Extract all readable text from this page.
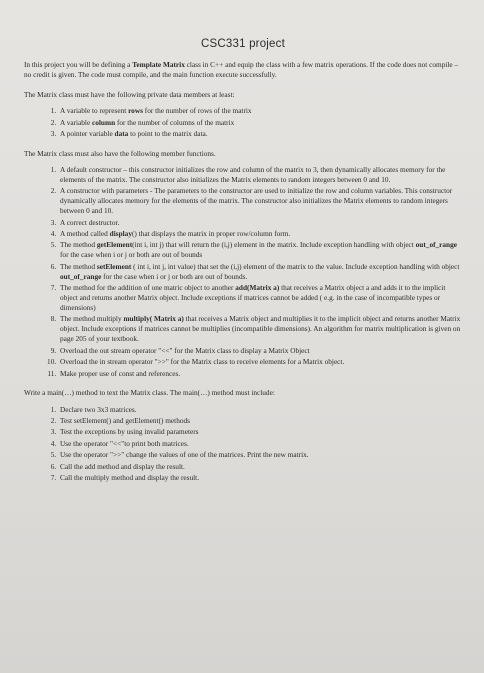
CSC331 project

In this project you will be defining a Template Matrix class in C++ and equip the class with a few matrix operations. If the code does not compile – no credit is given. The code must compile, and the main function execute successfully.

The Matrix class must have the following private data members at least:

1. A variable to represent rows for the number of rows of the matrix
2. A variable column for the number of columns of the matrix
3. A pointer variable data to point to the matrix data.

The Matrix class must also have the following member functions.

1. A default constructor – this constructor initializes the row and column of the matrix to 3, then dynamically allocates memory for the elements of the matrix. The constructor also initializes the Matrix elements to random integers between 0 and 10.
2. A constructor with parameters - The parameters to the constructor are used to initialize the row and column variables. This constructor dynamically allocates memory for the elements of the matrix. The constructor also initializes the Matrix elements to random integers between 0 and 10.
3. A correct destructor.
4. A method called display() that displays the matrix in proper row/column form.
5. The method getElement(int i, int j) that will return the (i,j) element in the matrix. Include exception handling with object out_of_range for the case when i or j or both are out of bounds
6. The method setElement ( int i, int j, int value) that set the (i,j) element of the matrix to the value. Include exception handling with object out_of_range for the case when i or j or both are out of bounds.
7. The method for the addition of one matric object to another add(Matrix a) that receives a Matrix object a and adds it to the implicit object and returns another Matrix object. Include exceptions if matrices cannot be added ( e.g. in the case of incompatible types or dimensions)
8. The method multiply multiply( Matrix a) that receives a Matrix object and multiplies it to the implicit object and returns another Matrix object. Include exceptions if matrices cannot be multiplies (incompatible dimensions). An algorithm for matrix multiplication is given on page 205 of your textbook.
9. Overload the out stream operator "<<" for the Matrix class to display a Matrix Object
10. Overload the in stream operator ">>" for the Matrix class to receive elements for a Matrix object.
11. Make proper use of const and references.

Write a main(…) method to text the Matrix class. The main(…) method must include:

1. Declare two 3x3 matrices.
2. Test setElement() and getElement() methods
3. Test the exceptions by using invalid parameters
4. Use the operator "<<"to print both matrices.
5. Use the operator ">>" change the values of one of the matrices. Print the new matrix.
6. Call the add method and display the result.
7. Call the multiply method and display the result.
